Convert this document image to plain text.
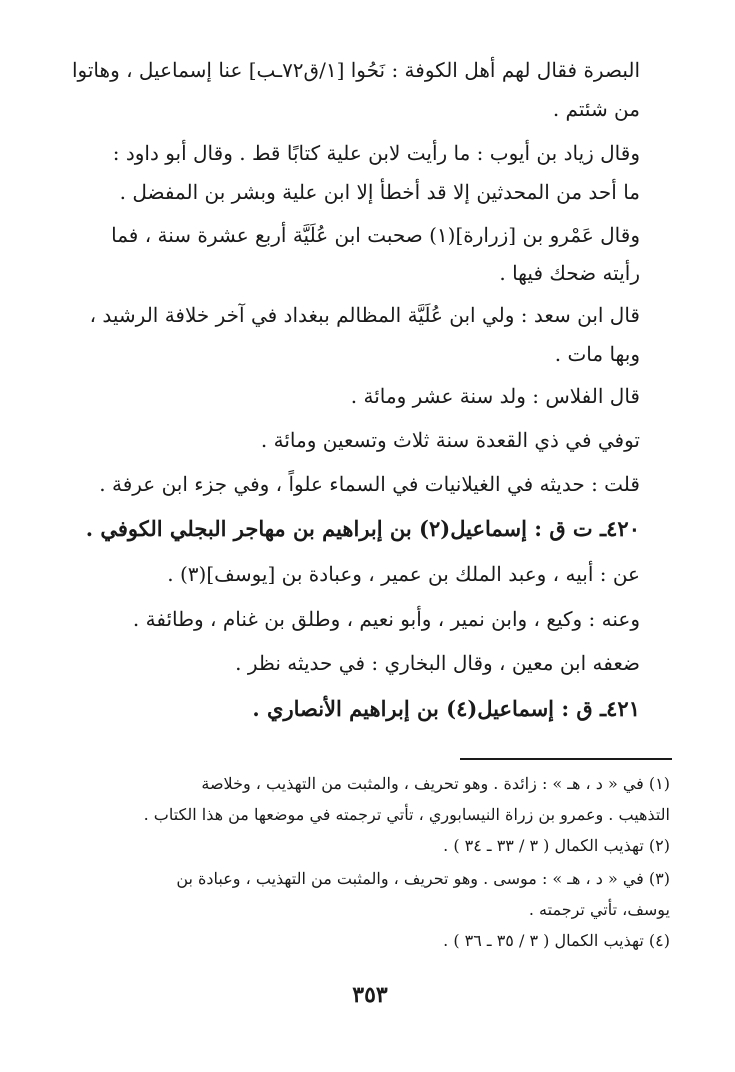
البصرة فقال لهم أهل الكوفة : نَحُوا [١/ق٧٢ـب] عنا إسماعيل ، وهاتوا
من شئتم .
وقال زياد بن أيوب : ما رأيت لابن علية كتابًا قط . وقال أبو داود :
ما أحد من المحدثين إلا قد أخطأ إلا ابن علية وبشر بن المفضل .
وقال عَمْرو بن [زرارة](١) صحبت ابن عُلَيَّة أربع عشرة سنة ، فما
رأيته ضحك فيها .
قال ابن سعد : ولي ابن عُلَيَّة المظالم ببغداد في آخر خلافة الرشيد ،
وبها مات .
قال الفلاس : ولد سنة عشر ومائة .
توفي في ذي القعدة سنة ثلاث وتسعين ومائة .
قلت : حديثه في الغيلانيات في السماء علواً ، وفي جزء ابن عرفة .
٤٢٠ـ ت ق : إسماعيل(٢) بن إبراهيم بن مهاجر البجلي الكوفي .
عن : أبيه ، وعبد الملك بن عمير ، وعبادة بن [يوسف](٣) .
وعنه : وكيع ، وابن نمير ، وأبو نعيم ، وطلق بن غنام ، وطائفة .
ضعفه ابن معين ، وقال البخاري : في حديثه نظر .
٤٢١ـ ق : إسماعيل(٤) بن إبراهيم الأنصاري .
(١) في « د ، هـ » : زائدة . وهو تحريف ، والمثبت من التهذيب ، وخلاصة
التذهيب . وعمرو بن زراة النيسابوري ، تأتي ترجمته في موضعها من هذا الكتاب .
(٢) تهذيب الكمال ( ٣ / ٣٣ ـ ٣٤ ) .
(٣) في « د ، هـ » : موسى . وهو تحريف ، والمثبت من التهذيب ، وعبادة بن
يوسف، تأتي ترجمته .
(٤) تهذيب الكمال ( ٣ / ٣٥ ـ ٣٦ ) .
٣٥٣
